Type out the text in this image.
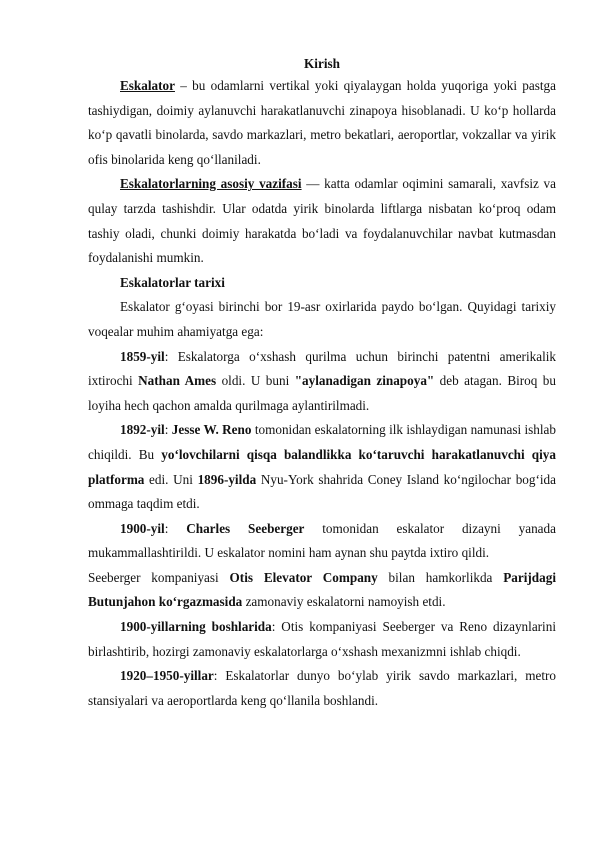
Kirish

Eskalator – bu odamlarni vertikal yoki qiyalaygan holda yuqoriga yoki pastga tashiydigan, doimiy aylanuvchi harakatlanuvchi zinapoya hisoblanadi. U ko‘p hollarda ko‘p qavatli binolarda, savdo markazlari, metro bekatlari, aeroportlar, vokzallar va yirik ofis binolarida keng qo‘llaniladi.

Eskalatorlarning asosiy vazifasi — katta odamlar oqimini samarali, xavfsiz va qulay tarzda tashishdir. Ular odatda yirik binolarda liftlarga nisbatan ko‘proq odam tashiy oladi, chunki doimiy harakatda bo‘ladi va foydalanuvchilar navbat kutmasdan foydalanishi mumkin.

Eskalatorlar tarixi

Eskalator g‘oyasi birinchi bor 19-asr oxirlarida paydo bo‘lgan. Quyidagi tarixiy voqealar muhim ahamiyatga ega:

1859-yil: Eskalatorga o‘xshash qurilma uchun birinchi patentni amerikalik ixtirochi Nathan Ames oldi. U buni "aylanadigan zinapoya" deb atagan. Biroq bu loyiha hech qachon amalda qurilmaga aylantirilmadi.

1892-yil: Jesse W. Reno tomonidan eskalatorning ilk ishlaydigan namunasi ishlab chiqildi. Bu yo‘lovchilarni qisqa balandlikka ko‘taruvchi harakatlanuvchi qiya platforma edi. Uni 1896-yilda Nyu-York shahrida Coney Island ko‘ngilochar bog‘ida ommaga taqdim etdi.

1900-yil: Charles Seeberger tomonidan eskalator dizayni yanada mukammallashtirildi. U eskalator nomini ham aynan shu paytda ixtiro qildi.

Seeberger kompaniyasi Otis Elevator Company bilan hamkorlikda Parijdagi Butunjahon ko‘rgazmasida zamonaviy eskalatorni namoyish etdi.

1900-yillarning boshlarida: Otis kompaniyasi Seeberger va Reno dizaynlarini birlashtirib, hozirgi zamonaviy eskalatorlarga o‘xshash mexanizmni ishlab chiqdi.

1920–1950-yillar: Eskalatorlar dunyo bo‘ylab yirik savdo markazlari, metro stansiyalari va aeroportlarda keng qo‘llanila boshlandi.
